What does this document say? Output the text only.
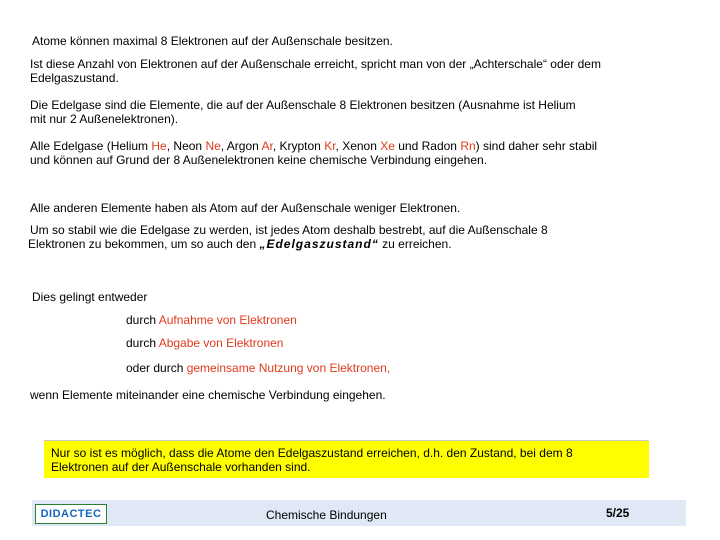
Atome können maximal 8 Elektronen auf der Außenschale besitzen.
Ist diese Anzahl von Elektronen auf der Außenschale erreicht, spricht man von der „Achterschale“ oder dem
Edelgaszustand.
Die Edelgase sind die Elemente, die auf der Außenschale 8 Elektronen besitzen (Ausnahme ist Helium
mit nur 2 Außenelektronen).
Alle Edelgase (Helium He, Neon Ne, Argon Ar, Krypton Kr, Xenon Xe und Radon Rn) sind daher sehr stabil
und können auf Grund der 8 Außenelektronen keine chemische Verbindung eingehen.
Alle anderen Elemente haben als Atom auf der Außenschale weniger Elektronen.
Um so stabil wie die Edelgase zu werden, ist jedes Atom deshalb bestrebt, auf die Außenschale 8
Elektronen zu bekommen, um so auch den „Edelgaszustand“ zu erreichen.
Dies gelingt entweder
durch Aufnahme von Elektronen
durch Abgabe von Elektronen
oder durch gemeinsame Nutzung von Elektronen,
wenn Elemente miteinander eine chemische Verbindung eingehen.
Nur so ist es möglich, dass die Atome den Edelgaszustand erreichen, d.h. den Zustand, bei dem 8
Elektronen auf der Außenschale vorhanden sind.
DIDACTEC	Chemische Bindungen	5/25
